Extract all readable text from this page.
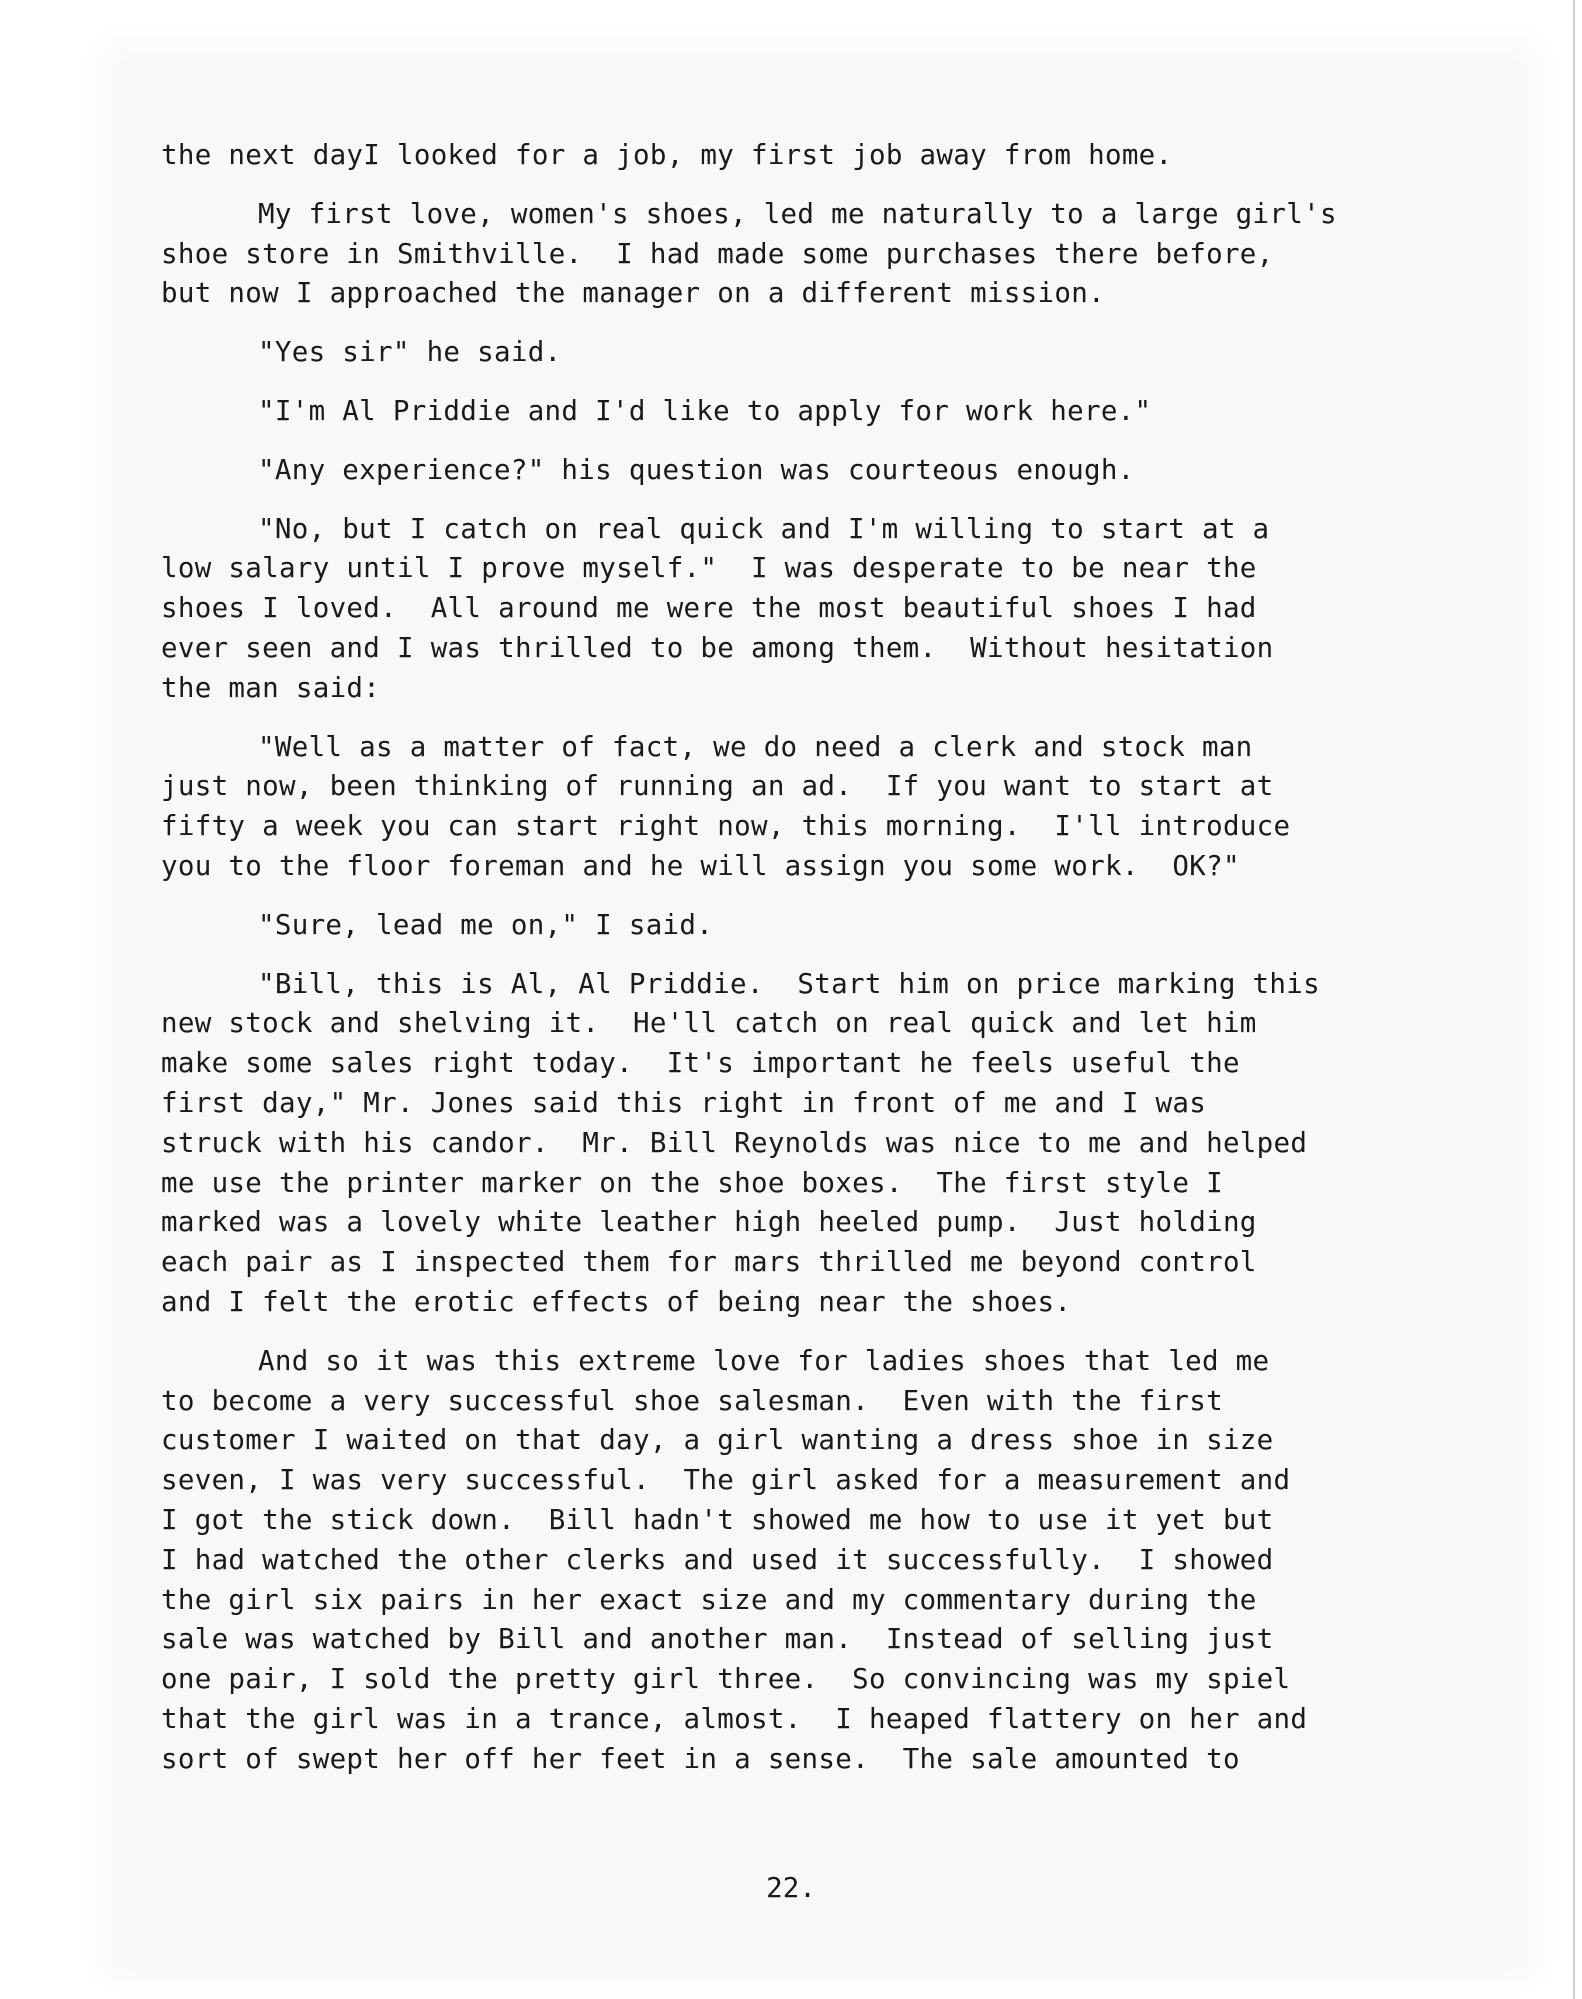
the next dayI looked for a job, my first job away from home.

My first love, women's shoes, led me naturally to a large girl's
shoe store in Smithville.  I had made some purchases there before,
but now I approached the manager on a different mission.

"Yes sir" he said.

"I'm Al Priddie and I'd like to apply for work here."

"Any experience?" his question was courteous enough.

"No, but I catch on real quick and I'm willing to start at a
low salary until I prove myself."  I was desperate to be near the
shoes I loved.  All around me were the most beautiful shoes I had
ever seen and I was thrilled to be among them.  Without hesitation
the man said:

"Well as a matter of fact, we do need a clerk and stock man
just now, been thinking of running an ad.  If you want to start at
fifty a week you can start right now, this morning.  I'll introduce
you to the floor foreman and he will assign you some work.  OK?"

"Sure, lead me on," I said.

"Bill, this is Al, Al Priddie.  Start him on price marking this
new stock and shelving it.  He'll catch on real quick and let him
make some sales right today.  It's important he feels useful the
first day," Mr. Jones said this right in front of me and I was
struck with his candor.  Mr. Bill Reynolds was nice to me and helped
me use the printer marker on the shoe boxes.  The first style I
marked was a lovely white leather high heeled pump.  Just holding
each pair as I inspected them for mars thrilled me beyond control
and I felt the erotic effects of being near the shoes.

And so it was this extreme love for ladies shoes that led me
to become a very successful shoe salesman.  Even with the first
customer I waited on that day, a girl wanting a dress shoe in size
seven, I was very successful.  The girl asked for a measurement and
I got the stick down.  Bill hadn't showed me how to use it yet but
I had watched the other clerks and used it successfully.  I showed
the girl six pairs in her exact size and my commentary during the
sale was watched by Bill and another man.  Instead of selling just
one pair, I sold the pretty girl three.  So convincing was my spiel
that the girl was in a trance, almost.  I heaped flattery on her and
sort of swept her off her feet in a sense.  The sale amounted to

22.
